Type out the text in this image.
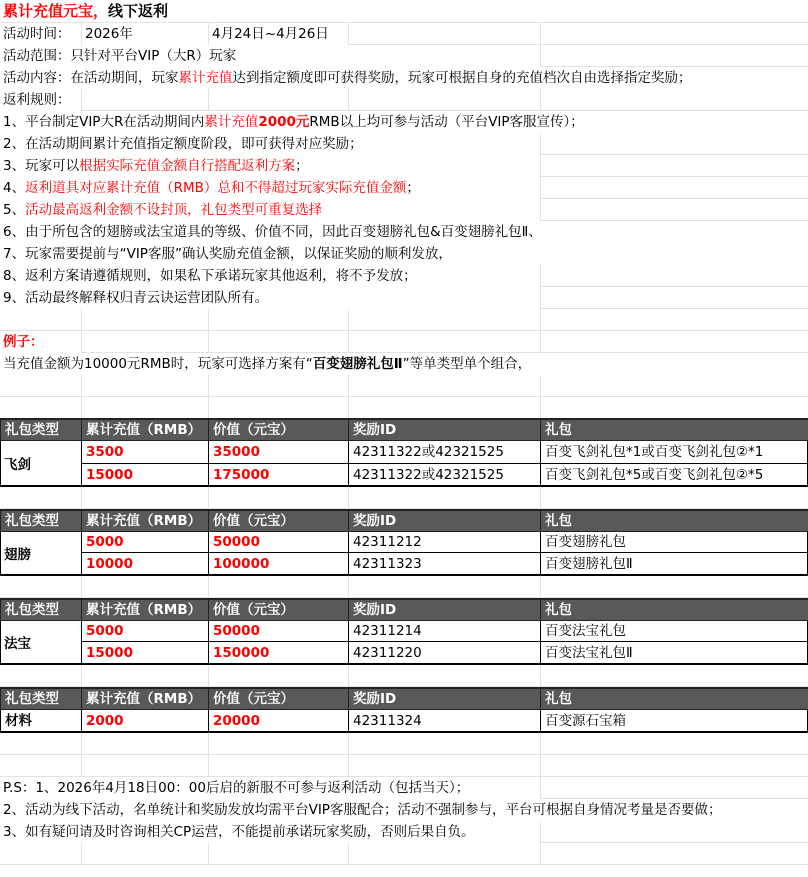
累计充值元宝，线下返利
活动时间：	2026年	4月24日~4月26日
活动范围：只针对平台VIP（大R）玩家
活动内容：在活动期间，玩家累计充值达到指定额度即可获得奖励，玩家可根据自身的充值档次自由选择指定奖励；
返利规则：
1、平台制定VIP大R在活动期间内累计充值2000元RMB以上均可参与活动（平台VIP客服宣传）；
2、在活动期间累计充值指定额度阶段，即可获得对应奖励；
3、玩家可以根据实际充值金额自行搭配返利方案；
4、返利道具对应累计充值（RMB）总和不得超过玩家实际充值金额；
5、活动最高返利金额不设封顶，礼包类型可重复选择
6、由于所包含的翅膀或法宝道具的等级、价值不同，因此百变翅膀礼包&百变翅膀礼包Ⅱ、
7、玩家需要提前与“VIP客服”确认奖励充值金额，以保证奖励的顺利发放，
8、返利方案请遵循规则，如果私下承诺玩家其他返利，将不予发放；
9、活动最终解释权归青云诀运营团队所有。
例子：
当充值金额为10000元RMB时，玩家可选择方案有“百变翅膀礼包Ⅱ”等单类型单个组合，
礼包类型	累计充值（RMB） 价值（元宝）	奖励ID	礼包
飞剑
3500	35000	42311322或42321525	百变飞剑礼包*1或百变飞剑礼包②*1
15000	175000	42311322或42321525	百变飞剑礼包*5或百变飞剑礼包②*5
礼包类型	累计充值（RMB） 价值（元宝）	奖励ID	礼包
翅膀
5000	50000	42311212	百变翅膀礼包
10000	100000	42311323	百变翅膀礼包Ⅱ
礼包类型	累计充值（RMB） 价值（元宝）	奖励ID	礼包
法宝
5000	50000	42311214	百变法宝礼包
15000	150000	42311220	百变法宝礼包Ⅱ
礼包类型	累计充值（RMB） 价值（元宝）	奖励ID	礼包
材料	2000	20000	42311324	百变源石宝箱
P.S：1、2026年4月18日00：00后启的新服不可参与返利活动（包括当天）；
2、活动为线下活动，名单统计和奖励发放均需平台VIP客服配合；活动不强制参与，平台可根据自身情况考量是否要做；
3、如有疑问请及时咨询相关CP运营，不能提前承诺玩家奖励，否则后果自负。
